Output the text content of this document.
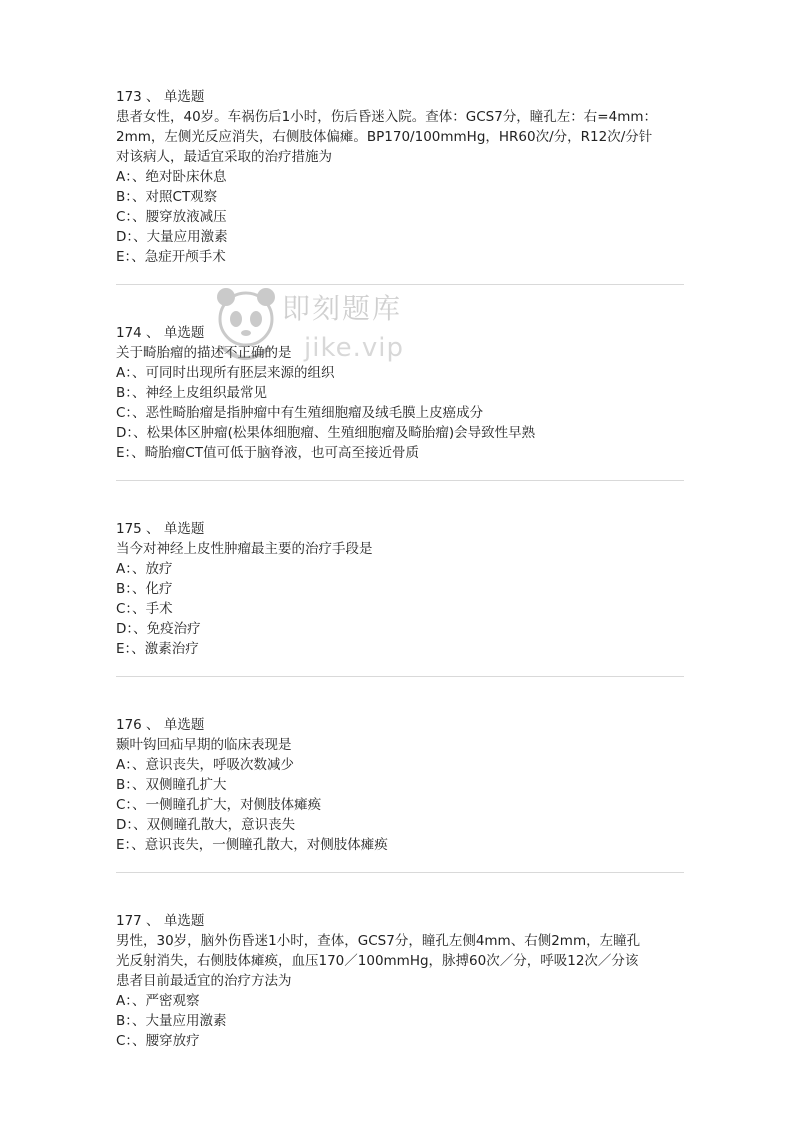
173 、 单选题
患者女性，40岁。车祸伤后1小时，伤后昏迷入院。查体：GCS7分，瞳孔左：右=4mm：
2mm，左侧光反应消失，右侧肢体偏瘫。BP170/100mmHg，HR60次/分，R12次/分针
对该病人，最适宜采取的治疗措施为
A：、绝对卧床休息
B：、对照CT观察
C：、腰穿放液减压
D：、大量应用激素
E：、急症开颅手术
174 、 单选题
关于畸胎瘤的描述不正确的是
A：、可同时出现所有胚层来源的组织
B：、神经上皮组织最常见
C：、恶性畸胎瘤是指肿瘤中有生殖细胞瘤及绒毛膜上皮癌成分
D：、松果体区肿瘤(松果体细胞瘤、生殖细胞瘤及畸胎瘤)会导致性早熟
E：、畸胎瘤CT值可低于脑脊液，也可高至接近骨质
175 、 单选题
当今对神经上皮性肿瘤最主要的治疗手段是
A：、放疗
B：、化疗
C：、手术
D：、免疫治疗
E：、激素治疗
176 、 单选题
颞叶钩回疝早期的临床表现是
A：、意识丧失，呼吸次数减少
B：、双侧瞳孔扩大
C：、一侧瞳孔扩大，对侧肢体瘫痪
D：、双侧瞳孔散大，意识丧失
E：、意识丧失，一侧瞳孔散大，对侧肢体瘫痪
177 、 单选题
男性，30岁，脑外伤昏迷1小时，查体，GCS7分，瞳孔左侧4mm、右侧2mm，左瞳孔
光反射消失，右侧肢体瘫痪，血压170／100mmHg，脉搏60次／分，呼吸12次／分该
患者目前最适宜的治疗方法为
A：、严密观察
B：、大量应用激素
C：、腰穿放疗
即刻题库
jike.vip
